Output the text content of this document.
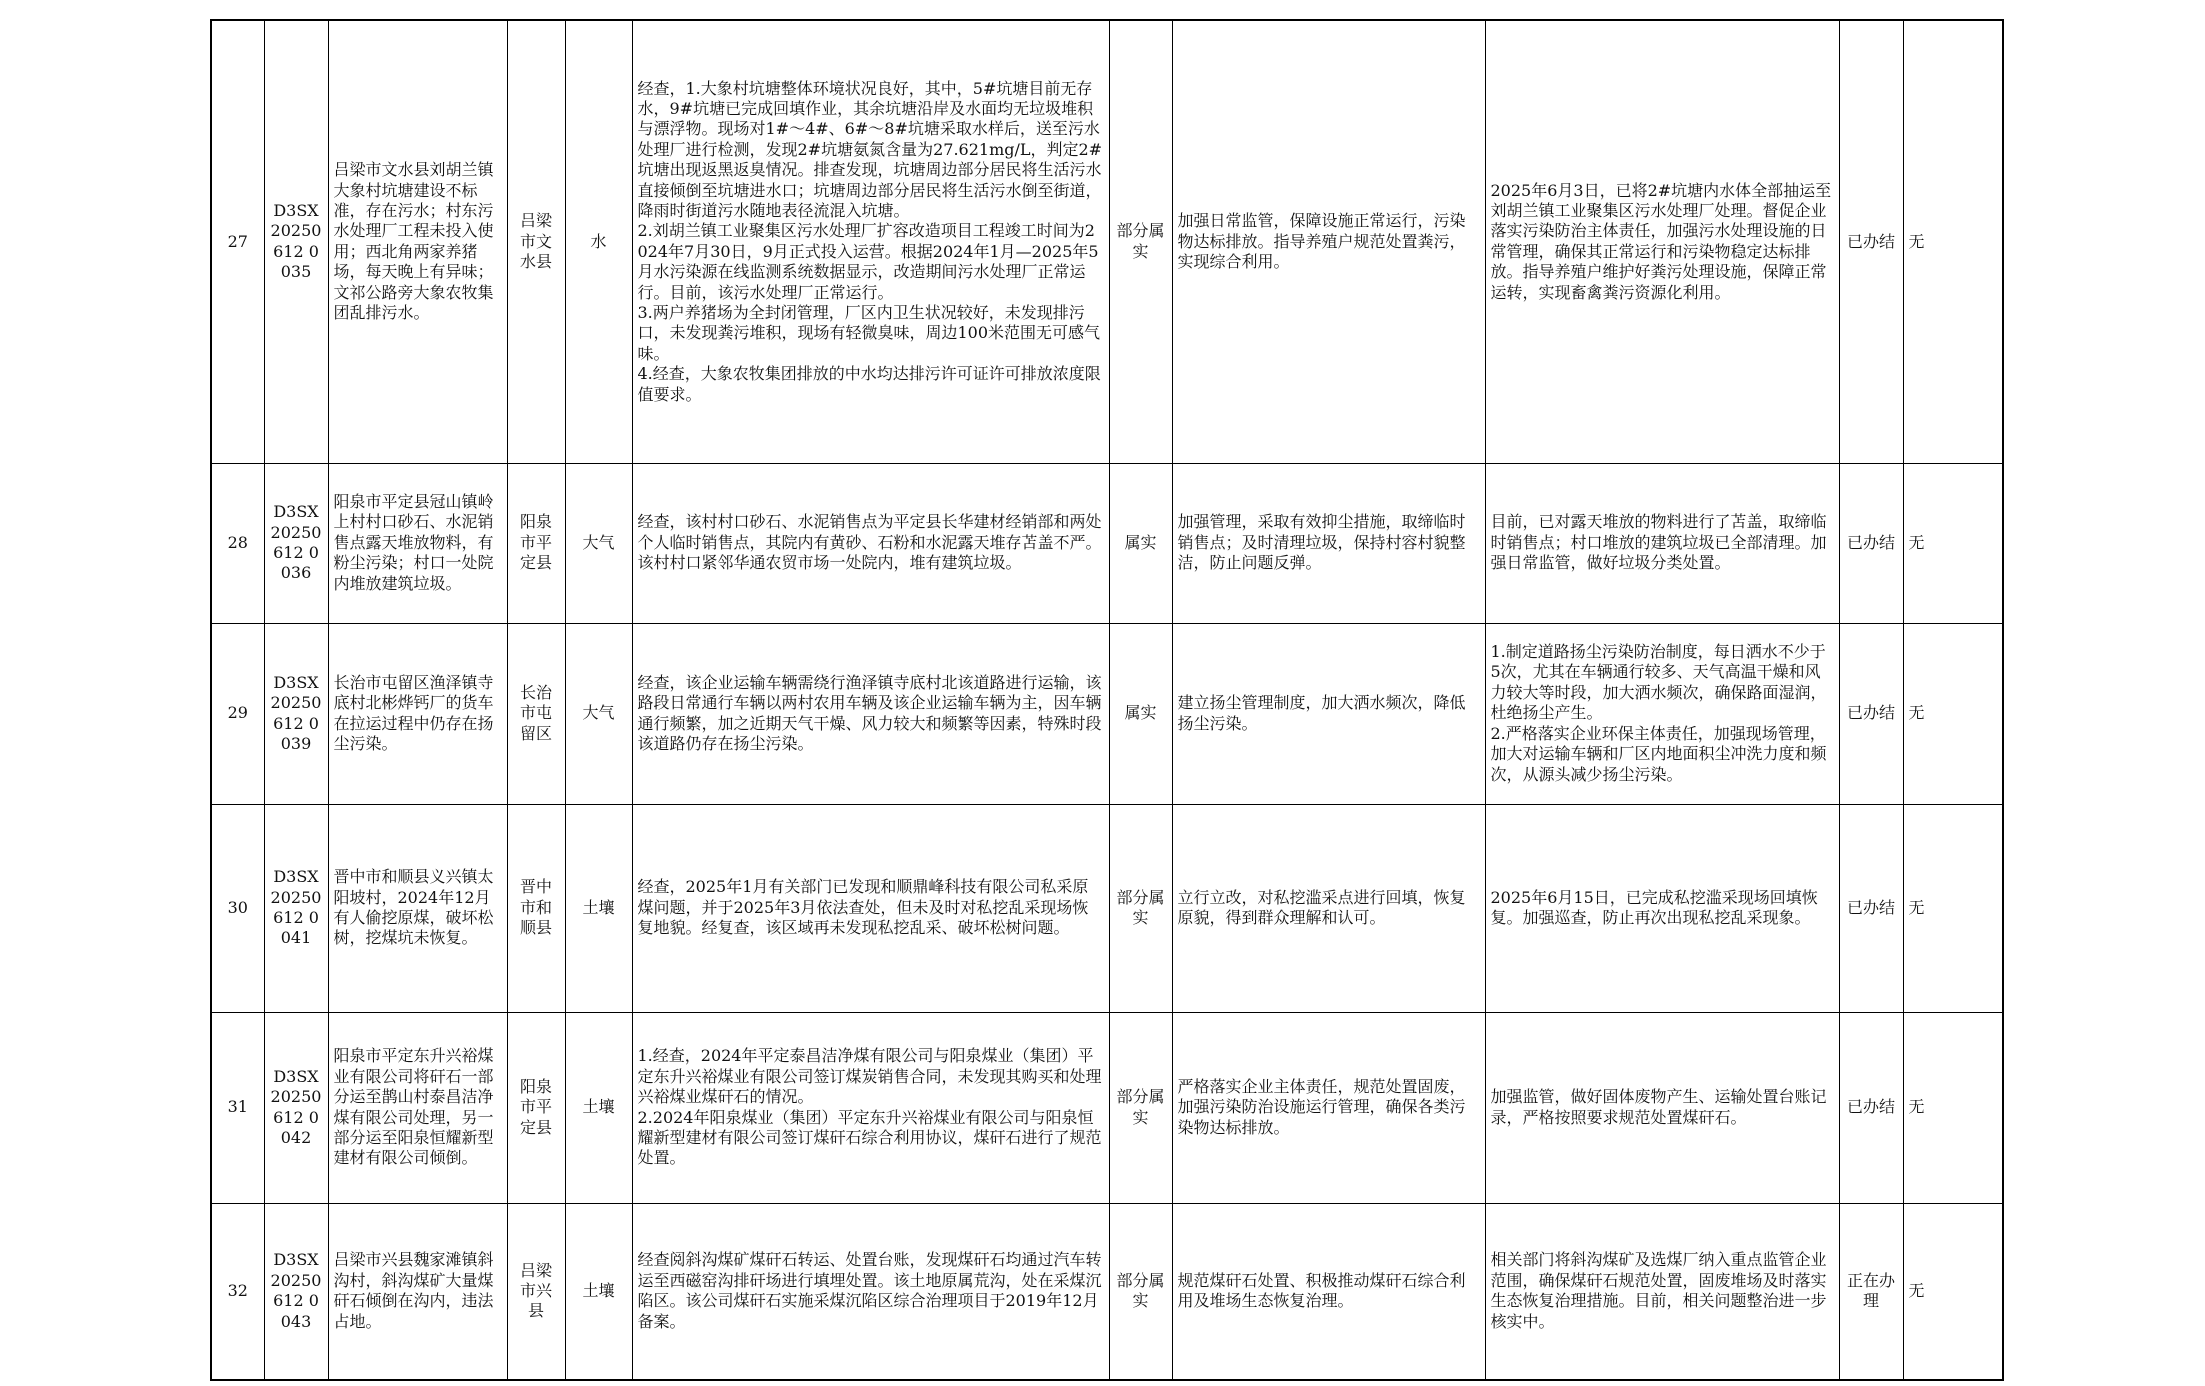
27	D3SX20250612 0035	吕梁市文水县刘胡兰镇大象村坑塘建设不标准，存在污水；村东污水处理厂工程未投入使用；西北角两家养猪场，每天晚上有异味；文祁公路旁大象农牧集团乱排污水。	吕梁市文水县	水	经查，1.大象村坑塘整体环境状况良好，其中，5#坑塘目前无存水，9#坑塘已完成回填作业，其余坑塘沿岸及水面均无垃圾堆积与漂浮物。现场对1#～4#、6#～8#坑塘采取水样后，送至污水处理厂进行检测，发现2#坑塘氨氮含量为27.621mg/L，判定2#坑塘出现返黑返臭情况。排查发现，坑塘周边部分居民将生活污水直接倾倒至坑塘进水口；坑塘周边部分居民将生活污水倒至街道，降雨时街道污水随地表径流混入坑塘。
2.刘胡兰镇工业聚集区污水处理厂扩容改造项目工程竣工时间为2024年7月30日，9月正式投入运营。根据2024年1月—2025年5月水污染源在线监测系统数据显示，改造期间污水处理厂正常运行。目前，该污水处理厂正常运行。
3.两户养猪场为全封闭管理，厂区内卫生状况较好，未发现排污口，未发现粪污堆积，现场有轻微臭味，周边100米范围无可感气味。
4.经查，大象农牧集团排放的中水均达排污许可证许可排放浓度限值要求。	部分属实	加强日常监管，保障设施正常运行，污染物达标排放。指导养殖户规范处置粪污，实现综合利用。	2025年6月3日，已将2#坑塘内水体全部抽运至刘胡兰镇工业聚集区污水处理厂处理。督促企业落实污染防治主体责任，加强污水处理设施的日常管理，确保其正常运行和污染物稳定达标排放。指导养殖户维护好粪污处理设施，保障正常运转，实现畜禽粪污资源化利用。	已办结	无
28	D3SX20250612 0036	阳泉市平定县冠山镇岭上村村口砂石、水泥销售点露天堆放物料，有粉尘污染；村口一处院内堆放建筑垃圾。	阳泉市平定县	大气	经查，该村村口砂石、水泥销售点为平定县长华建材经销部和两处个人临时销售点，其院内有黄砂、石粉和水泥露天堆存苫盖不严。该村村口紧邻华通农贸市场一处院内，堆有建筑垃圾。	属实	加强管理，采取有效抑尘措施，取缔临时销售点；及时清理垃圾，保持村容村貌整洁，防止问题反弹。	目前，已对露天堆放的物料进行了苫盖，取缔临时销售点；村口堆放的建筑垃圾已全部清理。加强日常监管，做好垃圾分类处置。	已办结	无
29	D3SX20250612 0039	长治市屯留区渔泽镇寺底村北彬烨钙厂的货车在拉运过程中仍存在扬尘污染。	长治市屯留区	大气	经查，该企业运输车辆需绕行渔泽镇寺底村北该道路进行运输，该路段日常通行车辆以两村农用车辆及该企业运输车辆为主，因车辆通行频繁，加之近期天气干燥、风力较大和频繁等因素，特殊时段该道路仍存在扬尘污染。	属实	建立扬尘管理制度，加大洒水频次，降低扬尘污染。	1.制定道路扬尘污染防治制度，每日洒水不少于5次，尤其在车辆通行较多、天气高温干燥和风力较大等时段，加大洒水频次，确保路面湿润，杜绝扬尘产生。
2.严格落实企业环保主体责任，加强现场管理，加大对运输车辆和厂区内地面积尘冲洗力度和频次，从源头减少扬尘污染。	已办结	无
30	D3SX20250612 0041	晋中市和顺县义兴镇太阳坡村，2024年12月有人偷挖原煤，破坏松树，挖煤坑未恢复。	晋中市和顺县	土壤	经查，2025年1月有关部门已发现和顺鼎峰科技有限公司私采原煤问题，并于2025年3月依法查处，但未及时对私挖乱采现场恢复地貌。经复查，该区域再未发现私挖乱采、破坏松树问题。	部分属实	立行立改，对私挖滥采点进行回填，恢复原貌，得到群众理解和认可。	2025年6月15日，已完成私挖滥采现场回填恢复。加强巡查，防止再次出现私挖乱采现象。	已办结	无
31	D3SX20250612 0042	阳泉市平定东升兴裕煤业有限公司将矸石一部分运至鹊山村泰昌洁净煤有限公司处理，另一部分运至阳泉恒耀新型建材有限公司倾倒。	阳泉市平定县	土壤	1.经查，2024年平定泰昌洁净煤有限公司与阳泉煤业（集团）平定东升兴裕煤业有限公司签订煤炭销售合同，未发现其购买和处理兴裕煤业煤矸石的情况。
2.2024年阳泉煤业（集团）平定东升兴裕煤业有限公司与阳泉恒耀新型建材有限公司签订煤矸石综合利用协议，煤矸石进行了规范处置。	部分属实	严格落实企业主体责任，规范处置固废，加强污染防治设施运行管理，确保各类污染物达标排放。	加强监管，做好固体废物产生、运输处置台账记录，严格按照要求规范处置煤矸石。	已办结	无
32	D3SX20250612 0043	吕梁市兴县魏家滩镇斜沟村，斜沟煤矿大量煤矸石倾倒在沟内，违法占地。	吕梁市兴县	土壤	经查阅斜沟煤矿煤矸石转运、处置台账，发现煤矸石均通过汽车转运至西磁窑沟排矸场进行填埋处置。该土地原属荒沟，处在采煤沉陷区。该公司煤矸石实施采煤沉陷区综合治理项目于2019年12月备案。	部分属实	规范煤矸石处置、积极推动煤矸石综合利用及堆场生态恢复治理。	相关部门将斜沟煤矿及选煤厂纳入重点监管企业范围，确保煤矸石规范处置，固废堆场及时落实生态恢复治理措施。目前，相关问题整治进一步核实中。	正在办理	无
